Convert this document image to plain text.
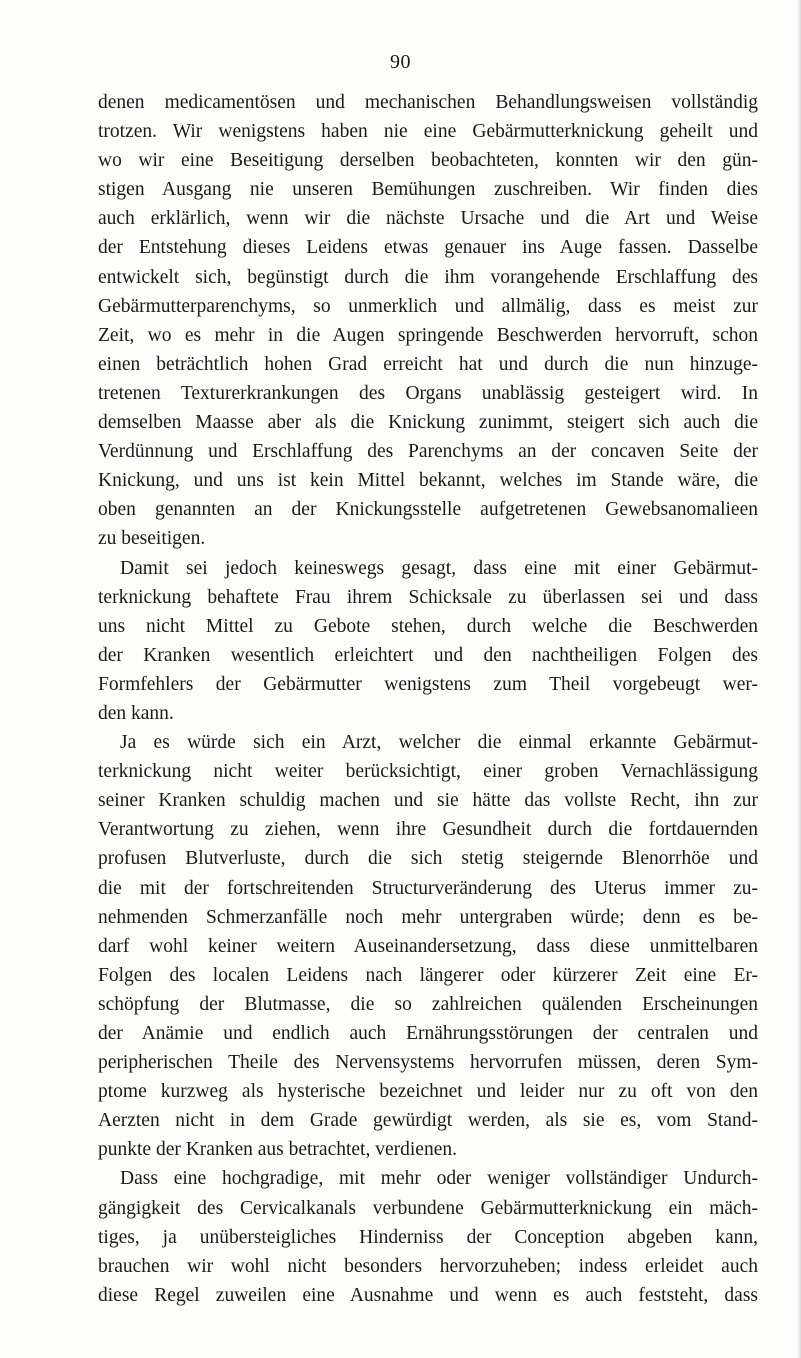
90
denen medicamentösen und mechanischen Behandlungsweisen vollständig
trotzen. Wir wenigstens haben nie eine Gebärmutterknickung geheilt und
wo wir eine Beseitigung derselben beobachteten, konnten wir den gün-
stigen Ausgang nie unseren Bemühungen zuschreiben. Wir finden dies
auch erklärlich, wenn wir die nächste Ursache und die Art und Weise
der Entstehung dieses Leidens etwas genauer ins Auge fassen. Dasselbe
entwickelt sich, begünstigt durch die ihm vorangehende Erschlaffung des
Gebärmutterparenchyms, so unmerklich und allmälig, dass es meist zur
Zeit, wo es mehr in die Augen springende Beschwerden hervorruft, schon
einen beträchtlich hohen Grad erreicht hat und durch die nun hinzuge-
tretenen Texturerkrankungen des Organs unablässig gesteigert wird. In
demselben Maasse aber als die Knickung zunimmt, steigert sich auch die
Verdünnung und Erschlaffung des Parenchyms an der concaven Seite der
Knickung, und uns ist kein Mittel bekannt, welches im Stande wäre, die
oben genannten an der Knickungsstelle aufgetretenen Gewebsanomalieen
zu beseitigen.
Damit sei jedoch keineswegs gesagt, dass eine mit einer Gebärmut-
terknickung behaftete Frau ihrem Schicksale zu überlassen sei und dass
uns nicht Mittel zu Gebote stehen, durch welche die Beschwerden
der Kranken wesentlich erleichtert und den nachtheiligen Folgen des
Formfehlers der Gebärmutter wenigstens zum Theil vorgebeugt wer-
den kann.
Ja es würde sich ein Arzt, welcher die einmal erkannte Gebärmut-
terknickung nicht weiter berücksichtigt, einer groben Vernachlässigung
seiner Kranken schuldig machen und sie hätte das vollste Recht, ihn zur
Verantwortung zu ziehen, wenn ihre Gesundheit durch die fortdauernden
profusen Blutverluste, durch die sich stetig steigernde Blenorrhöe und
die mit der fortschreitenden Structurveränderung des Uterus immer zu-
nehmenden Schmerzanfälle noch mehr untergraben würde; denn es be-
darf wohl keiner weitern Auseinandersetzung, dass diese unmittelbaren
Folgen des localen Leidens nach längerer oder kürzerer Zeit eine Er-
schöpfung der Blutmasse, die so zahlreichen quälenden Erscheinungen
der Anämie und endlich auch Ernährungsstörungen der centralen und
peripherischen Theile des Nervensystems hervorrufen müssen, deren Sym-
ptome kurzweg als hysterische bezeichnet und leider nur zu oft von den
Aerzten nicht in dem Grade gewürdigt werden, als sie es, vom Stand-
punkte der Kranken aus betrachtet, verdienen.
Dass eine hochgradige, mit mehr oder weniger vollständiger Undurch-
gängigkeit des Cervicalkanals verbundene Gebärmutterknickung ein mäch-
tiges, ja unübersteigliches Hinderniss der Conception abgeben kann,
brauchen wir wohl nicht besonders hervorzuheben; indess erleidet auch
diese Regel zuweilen eine Ausnahme und wenn es auch feststeht, dass
